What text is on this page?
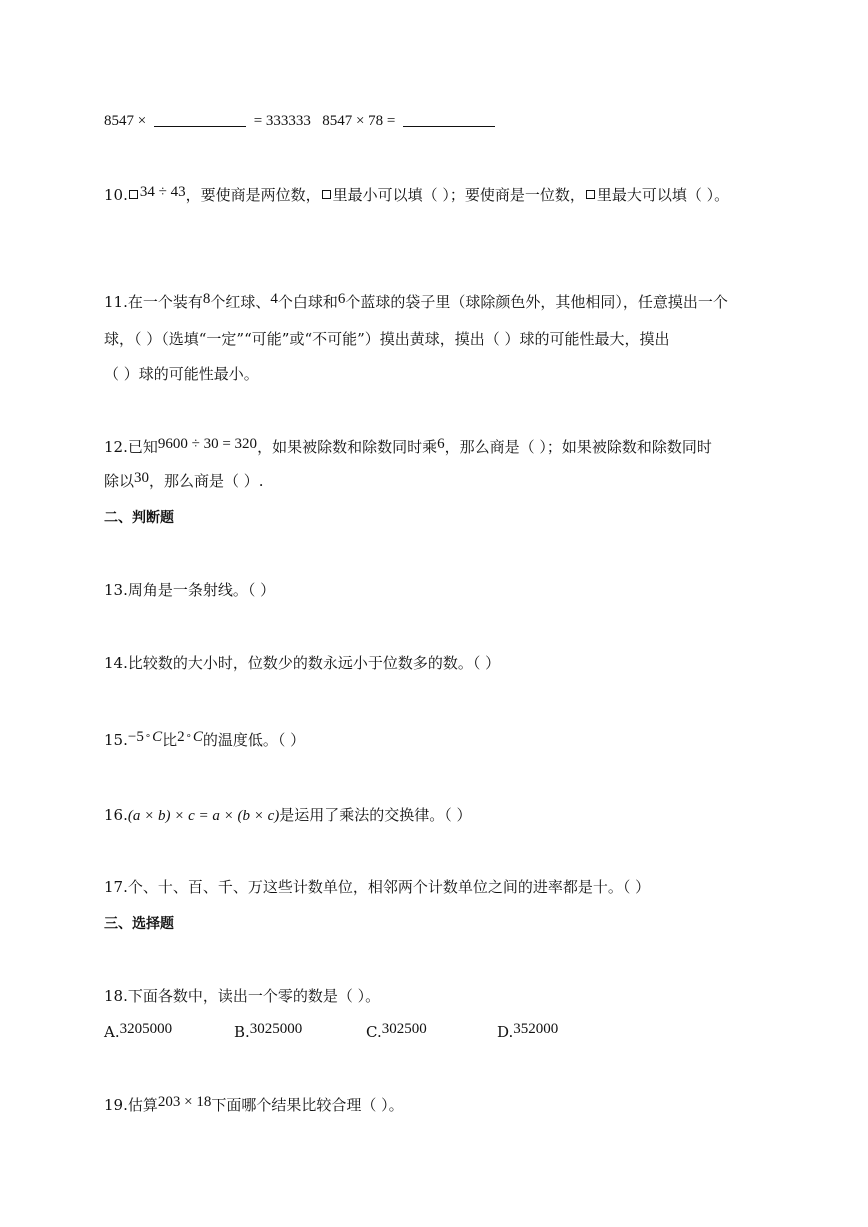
8547 ×	= 333333 8547 × 78 =
10. 34 ÷ 43，要使商是两位数， 里最小可以填（ ）；要使商是一位数， 里最大可以填（ ）。
11.在一个装有8个红球、4个白球和6个蓝球的袋子里（球除颜色外，其他相同），任意摸出一个
球，（ ）（选填“一定”“可能”或“不可能”）摸出黄球，摸出（ ）球的可能性最大，摸出
（ ）球的可能性最小。
12.已知9600 ÷ 30 = 320，如果被除数和除数同时乘6，那么商是（ ）；如果被除数和除数同时
除以30，那么商是（ ）.
二、判断题
13.周角是一条射线。（ ）
14.比较数的大小时，位数少的数永远小于位数多的数。（ ）
15.−5∘C比2∘C的温度低。（ ）
16.(a × b) × c = a × (b × c)是运用了乘法的交换律。（ ）
17.个、十、百、千、万这些计数单位，相邻两个计数单位之间的进率都是十。（ ）
三、选择题
18.下面各数中，读出一个零的数是（ ）。
A.3205000	B.3025000	C.302500	D.352000
19.估算203 × 18下面哪个结果比较合理（ ）。
